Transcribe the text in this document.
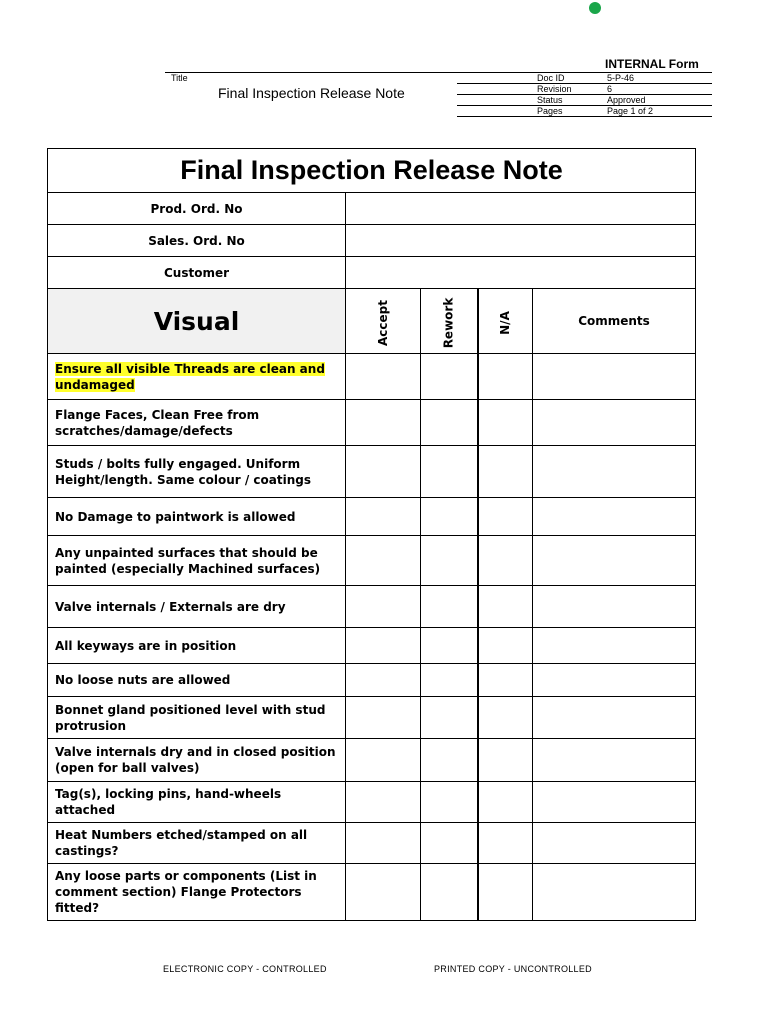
INTERNAL Form
Title
Final Inspection Release Note
Doc ID	5-P-46
Revision	6
Status	Approved
Pages	Page 1 of 2
Final Inspection Release Note				
Prod. Ord. No				
Sales. Ord. No				
Customer				
Visual	Accept	Rework	N/A	Comments
Ensure all visible Threads are clean and undamaged				
Flange Faces, Clean Free from scratches/damage/defects				
Studs / bolts fully engaged. Uniform Height/length. Same colour / coatings				
No Damage to paintwork is allowed				
Any unpainted surfaces that should be painted (especially Machined surfaces)				
Valve internals / Externals are dry				
All keyways are in position				
No loose nuts are allowed				
Bonnet gland positioned level with stud protrusion				
Valve internals dry and in closed position (open for ball valves)				
Tag(s), locking pins, hand-wheels attached				
Heat Numbers etched/stamped on all castings?				
Any loose parts or components (List in comment section) Flange Protectors fitted?				
ELECTRONIC COPY - CONTROLLED	PRINTED COPY - UNCONTROLLED
